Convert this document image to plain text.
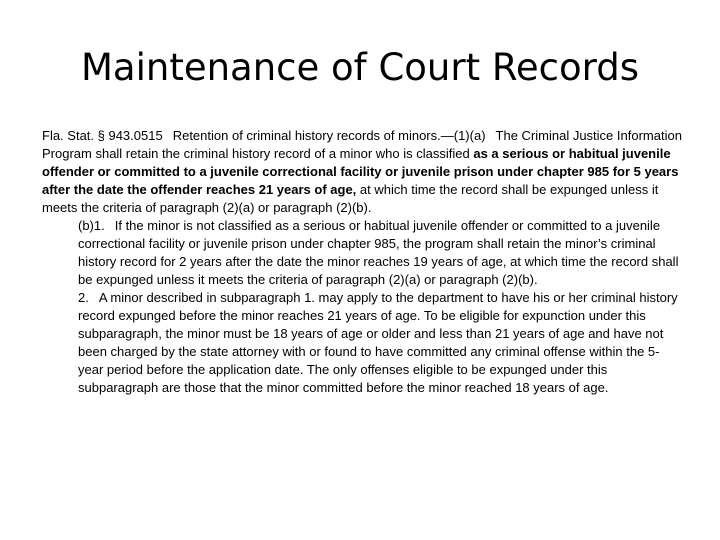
Maintenance of Court Records

Fla. Stat. § 943.0515 Retention of criminal history records of minors.—(1)(a) The Criminal Justice Information Program shall retain the criminal history record of a minor who is classified as a serious or habitual juvenile offender or committed to a juvenile correctional facility or juvenile prison under chapter 985 for 5 years after the date the offender reaches 21 years of age, at which time the record shall be expunged unless it meets the criteria of paragraph (2)(a) or paragraph (2)(b).

(b)1. If the minor is not classified as a serious or habitual juvenile offender or committed to a juvenile correctional facility or juvenile prison under chapter 985, the program shall retain the minor’s criminal history record for 2 years after the date the minor reaches 19 years of age, at which time the record shall be expunged unless it meets the criteria of paragraph (2)(a) or paragraph (2)(b).

2. A minor described in subparagraph 1. may apply to the department to have his or her criminal history record expunged before the minor reaches 21 years of age. To be eligible for expunction under this subparagraph, the minor must be 18 years of age or older and less than 21 years of age and have not been charged by the state attorney with or found to have committed any criminal offense within the 5-year period before the application date. The only offenses eligible to be expunged under this subparagraph are those that the minor committed before the minor reached 18 years of age.
